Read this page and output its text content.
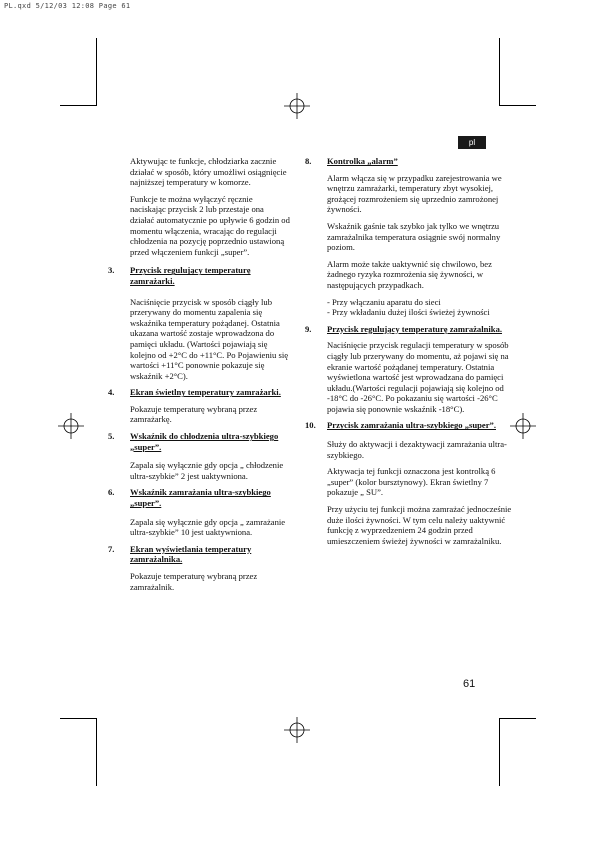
PL.qxd 5/12/03 12:08 Page 61
pl

Aktywując te funkcje, chłodziarka zacznie działać w sposób, który umożliwi osiągnięcie najniższej temperatury w komorze.

Funkcje te można wyłączyć ręcznie naciskając przycisk 2 lub przestaje ona działać automatycznie po upływie 6 godzin od momentu włączenia, wracając do regulacji chłodzenia na pozycję poprzednio ustawioną przed włączeniem funkcji „super”.

3. Przycisk regulujący temperaturę zamrażarki.

Naciśnięcie przycisk w sposób ciągły lub przerywany do momentu zapalenia się wskaźnika temperatury pożądanej. Ostatnia ukazana wartość zostaje wprowadzona do pamięci układu. (Wartości pojawiają się kolejno od +2°C do +11°C. Po Pojawieniu się wartości +11°C ponownie pokazuje się wskaźnik +2°C).

4. Ekran świetlny temperatury zamrażarki.

Pokazuje temperaturę wybraną przez zamrażarkę.

5. Wskaźnik do chłodzenia ultra-szybkiego „super”.

Zapala się wyłącznie gdy opcja „ chłodzenie ultra-szybkie” 2 jest uaktywniona.

6. Wskaźnik zamrażania ultra-szybkiego „super”.

Zapala się wyłącznie gdy opcja „ zamrażanie ultra-szybkie” 10 jest uaktywniona.

7. Ekran wyświetlania temperatury zamrażalnika.

Pokazuje temperaturę wybraną przez zamrażalnik.

8. Kontrolka „alarm”

Alarm włącza się w przypadku zarejestrowania we wnętrzu zamrażarki, temperatury zbyt wysokiej, grożącej rozmrożeniem się uprzednio zamrożonej żywności.

Wskaźnik gaśnie tak szybko jak tylko we wnętrzu zamrażalnika temperatura osiągnie swój normalny poziom.

Alarm może także uaktywnić się chwilowo, bez żadnego ryzyka rozmrożenia się żywności, w następujących przypadkach.

- Przy włączaniu aparatu do sieci
- Przy wkładaniu dużej ilości świeżej żywności
9. Przycisk regulujący temperaturę zamrażalnika.

Naciśnięcie przycisk regulacji temperatury w sposób ciągły lub przerywany do momentu, aż pojawi się na ekranie wartość pożądanej temperatury. Ostatnia wyświetlona wartość jest wprowadzana do pamięci układu.(Wartości regulacji pojawiają się kolejno od -18°C do -26°C. Po pokazaniu się wartości -26°C pojawia się ponownie wskaźnik -18°C).

10. Przycisk zamrażania ultra-szybkiego „super”.

Służy do aktywacji i dezaktywacji zamrażania ultra-szybkiego.

Aktywacja tej funkcji oznaczona jest kontrolką 6 „super” (kolor bursztynowy). Ekran świetlny 7 pokazuje „ SU”.

Przy użyciu tej funkcji można zamrażać jednocześnie duże ilości żywności. W tym celu należy uaktywnić funkcję z wyprzedzeniem 24 godzin przed umieszczeniem świeżej żywności w zamrażalniku.

61
